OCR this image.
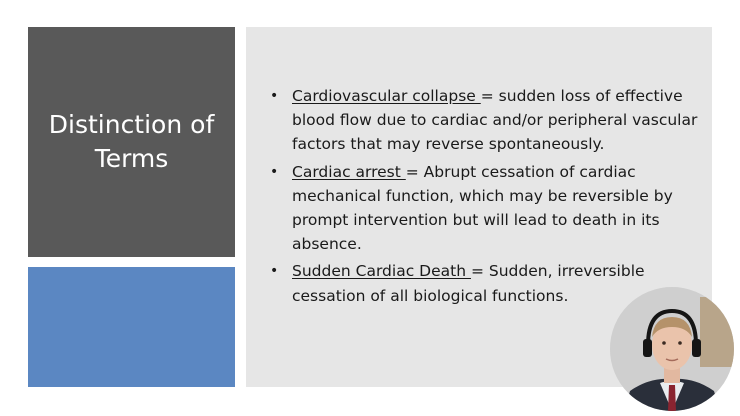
Distinction of Terms
• Cardiovascular collapse = sudden loss of effective blood flow due to cardiac and/or peripheral vascular factors that may reverse spontaneously.
• Cardiac arrest = Abrupt cessation of cardiac mechanical function, which may be reversible by prompt intervention but will lead to death in its absence.
• Sudden Cardiac Death = Sudden, irreversible cessation of all biological functions.
